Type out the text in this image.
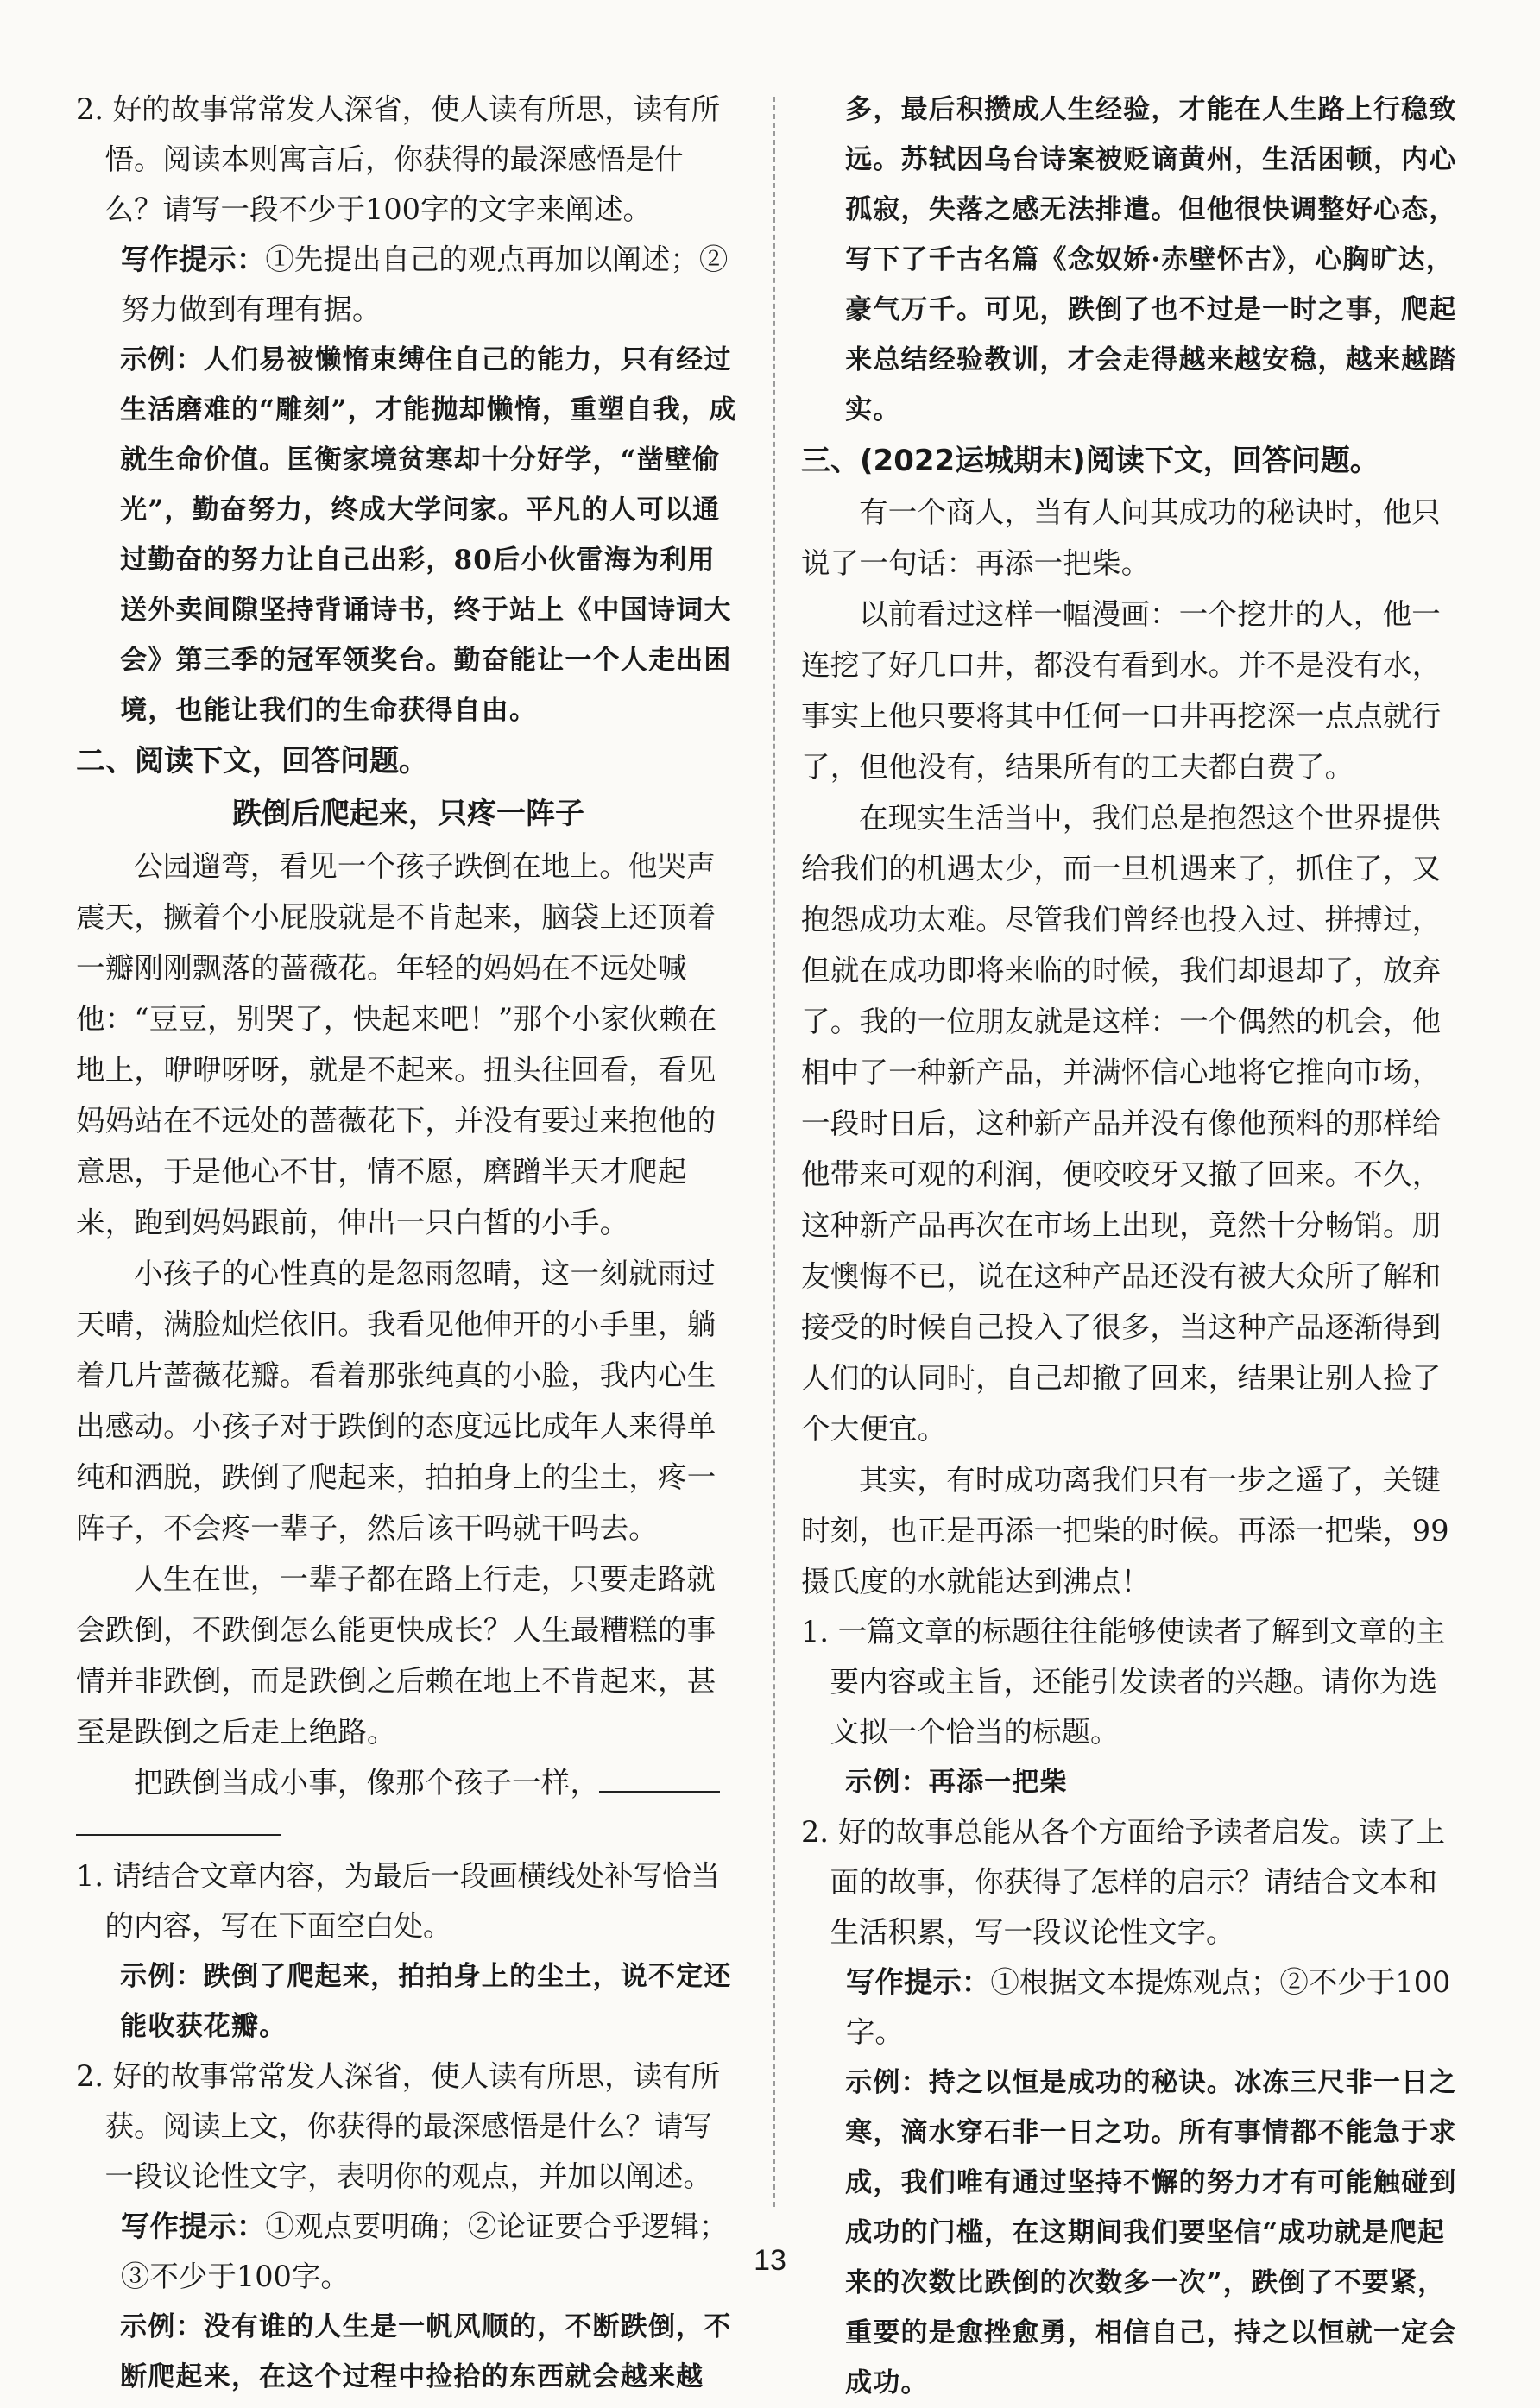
2. 好的故事常常发人深省，使人读有所思，读有所悟。阅读本则寓言后，你获得的最深感悟是什么？请写一段不少于100字的文字来阐述。
写作提示：①先提出自己的观点再加以阐述；②努力做到有理有据。
示例：人们易被懒惰束缚住自己的能力，只有经过生活磨难的“雕刻”，才能抛却懒惰，重塑自我，成就生命价值。匡衡家境贫寒却十分好学，“凿壁偷光”，勤奋努力，终成大学问家。平凡的人可以通过勤奋的努力让自己出彩，80后小伙雷海为利用送外卖间隙坚持背诵诗书，终于站上《中国诗词大会》第三季的冠军领奖台。勤奋能让一个人走出困境，也能让我们的生命获得自由。
二、阅读下文，回答问题。
跌倒后爬起来，只疼一阵子

公园遛弯，看见一个孩子跌倒在地上。他哭声震天，撅着个小屁股就是不肯起来，脑袋上还顶着一瓣刚刚飘落的蔷薇花。年轻的妈妈在不远处喊他：“豆豆，别哭了，快起来吧！”那个小家伙赖在地上，咿咿呀呀，就是不起来。扭头往回看，看见妈妈站在不远处的蔷薇花下，并没有要过来抱他的意思，于是他心不甘，情不愿，磨蹭半天才爬起来，跑到妈妈跟前，伸出一只白皙的小手。

小孩子的心性真的是忽雨忽晴，这一刻就雨过天晴，满脸灿烂依旧。我看见他伸开的小手里，躺着几片蔷薇花瓣。看着那张纯真的小脸，我内心生出感动。小孩子对于跌倒的态度远比成年人来得单纯和洒脱，跌倒了爬起来，拍拍身上的尘土，疼一阵子，不会疼一辈子，然后该干吗就干吗去。

人生在世，一辈子都在路上行走，只要走路就会跌倒，不跌倒怎么能更快成长？人生最糟糕的事情并非跌倒，而是跌倒之后赖在地上不肯起来，甚至是跌倒之后走上绝路。

把跌倒当成小事，像那个孩子一样，

1. 请结合文章内容，为最后一段画横线处补写恰当的内容，写在下面空白处。
示例：跌倒了爬起来，拍拍身上的尘土，说不定还能收获花瓣。
2. 好的故事常常发人深省，使人读有所思，读有所获。阅读上文，你获得的最深感悟是什么？请写一段议论性文字，表明你的观点，并加以阐述。
写作提示：①观点要明确；②论证要合乎逻辑；③不少于100字。
示例：没有谁的人生是一帆风顺的，不断跌倒，不断爬起来，在这个过程中捡拾的东西就会越来越
多，最后积攒成人生经验，才能在人生路上行稳致远。苏轼因乌台诗案被贬谪黄州，生活困顿，内心孤寂，失落之感无法排遣。但他很快调整好心态，写下了千古名篇《念奴娇·赤壁怀古》，心胸旷达，豪气万千。可见，跌倒了也不过是一时之事，爬起来总结经验教训，才会走得越来越安稳，越来越踏实。
三、(2022运城期末)阅读下文，回答问题。

有一个商人，当有人问其成功的秘诀时，他只说了一句话：再添一把柴。

以前看过这样一幅漫画：一个挖井的人，他一连挖了好几口井，都没有看到水。并不是没有水，事实上他只要将其中任何一口井再挖深一点点就行了，但他没有，结果所有的工夫都白费了。

在现实生活当中，我们总是抱怨这个世界提供给我们的机遇太少，而一旦机遇来了，抓住了，又抱怨成功太难。尽管我们曾经也投入过、拼搏过，但就在成功即将来临的时候，我们却退却了，放弃了。我的一位朋友就是这样：一个偶然的机会，他相中了一种新产品，并满怀信心地将它推向市场，一段时日后，这种新产品并没有像他预料的那样给他带来可观的利润，便咬咬牙又撤了回来。不久，这种新产品再次在市场上出现，竟然十分畅销。朋友懊悔不已，说在这种产品还没有被大众所了解和接受的时候自己投入了很多，当这种产品逐渐得到人们的认同时，自己却撤了回来，结果让别人捡了个大便宜。

其实，有时成功离我们只有一步之遥了，关键时刻，也正是再添一把柴的时候。再添一把柴，99摄氏度的水就能达到沸点！

1. 一篇文章的标题往往能够使读者了解到文章的主要内容或主旨，还能引发读者的兴趣。请你为选文拟一个恰当的标题。
示例：再添一把柴
2. 好的故事总能从各个方面给予读者启发。读了上面的故事，你获得了怎样的启示？请结合文本和生活积累，写一段议论性文字。
写作提示：①根据文本提炼观点；②不少于100字。
示例：持之以恒是成功的秘诀。冰冻三尺非一日之寒，滴水穿石非一日之功。所有事情都不能急于求成，我们唯有通过坚持不懈的努力才有可能触碰到成功的门槛，在这期间我们要坚信“成功就是爬起来的次数比跌倒的次数多一次”，跌倒了不要紧，重要的是愈挫愈勇，相信自己，持之以恒就一定会成功。
13
